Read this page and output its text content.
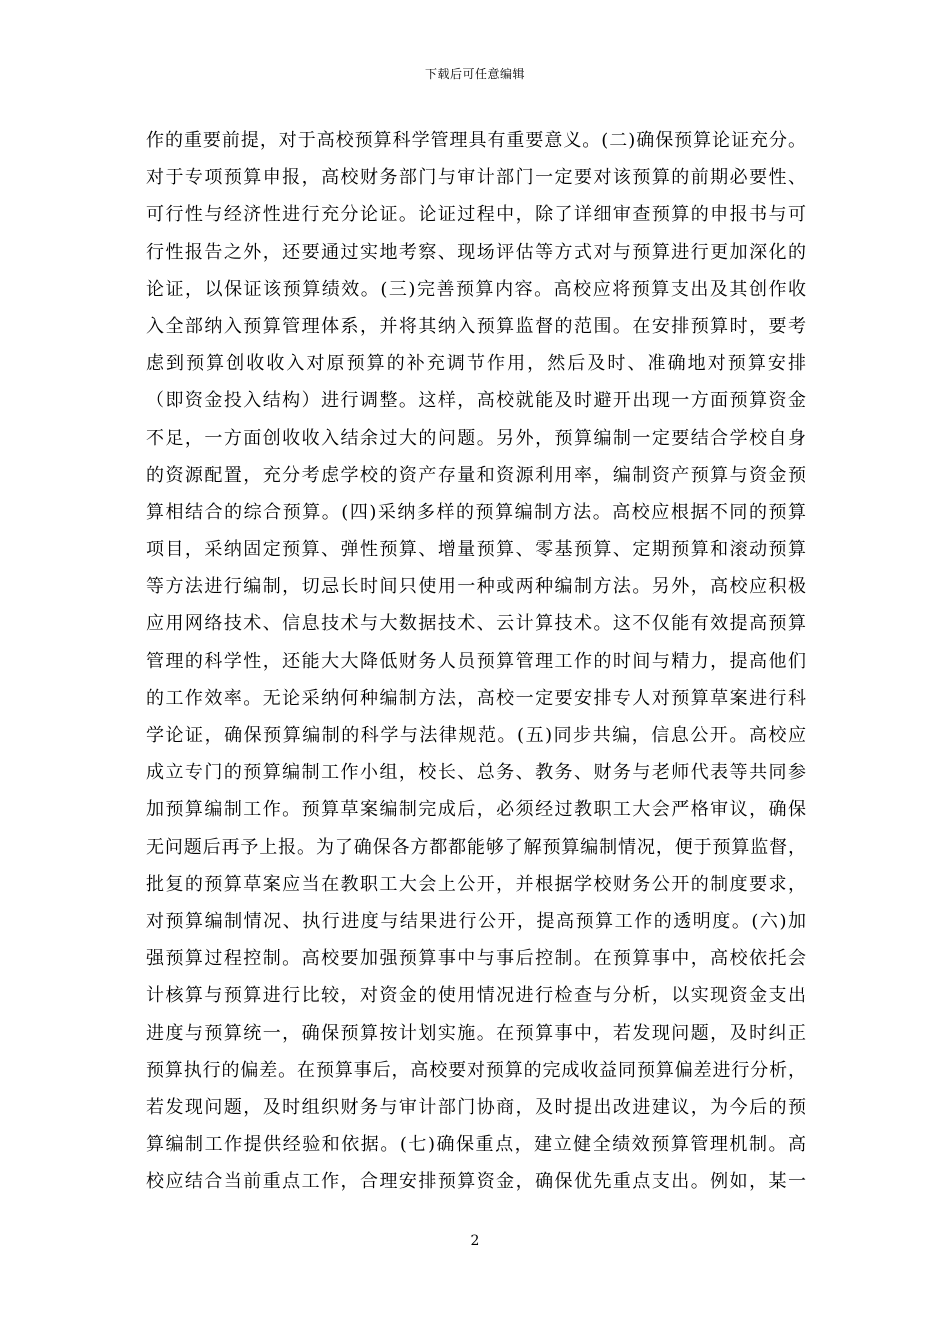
下载后可任意编辑
作的重要前提，对于高校预算科学管理具有重要意义。(二)确保预算论证充分。
对于专项预算申报，高校财务部门与审计部门一定要对该预算的前期必要性、
可行性与经济性进行充分论证。论证过程中，除了详细审查预算的申报书与可
行性报告之外，还要通过实地考察、现场评估等方式对与预算进行更加深化的
论证，以保证该预算绩效。(三)完善预算内容。高校应将预算支出及其创作收
入全部纳入预算管理体系，并将其纳入预算监督的范围。在安排预算时，要考
虑到预算创收收入对原预算的补充调节作用，然后及时、准确地对预算安排
（即资金投入结构）进行调整。这样，高校就能及时避开出现一方面预算资金
不足，一方面创收收入结余过大的问题。另外，预算编制一定要结合学校自身
的资源配置，充分考虑学校的资产存量和资源利用率，编制资产预算与资金预
算相结合的综合预算。(四)采纳多样的预算编制方法。高校应根据不同的预算
项目，采纳固定预算、弹性预算、增量预算、零基预算、定期预算和滚动预算
等方法进行编制，切忌长时间只使用一种或两种编制方法。另外，高校应积极
应用网络技术、信息技术与大数据技术、云计算技术。这不仅能有效提高预算
管理的科学性，还能大大降低财务人员预算管理工作的时间与精力，提高他们
的工作效率。无论采纳何种编制方法，高校一定要安排专人对预算草案进行科
学论证，确保预算编制的科学与法律规范。(五)同步共编，信息公开。高校应
成立专门的预算编制工作小组，校长、总务、教务、财务与老师代表等共同参
加预算编制工作。预算草案编制完成后，必须经过教职工大会严格审议，确保
无问题后再予上报。为了确保各方都都能够了解预算编制情况，便于预算监督，
批复的预算草案应当在教职工大会上公开，并根据学校财务公开的制度要求，
对预算编制情况、执行进度与结果进行公开，提高预算工作的透明度。(六)加
强预算过程控制。高校要加强预算事中与事后控制。在预算事中，高校依托会
计核算与预算进行比较，对资金的使用情况进行检查与分析，以实现资金支出
进度与预算统一，确保预算按计划实施。在预算事中，若发现问题，及时纠正
预算执行的偏差。在预算事后，高校要对预算的完成收益同预算偏差进行分析，
若发现问题，及时组织财务与审计部门协商，及时提出改进建议，为今后的预
算编制工作提供经验和依据。(七)确保重点，建立健全绩效预算管理机制。高
校应结合当前重点工作，合理安排预算资金，确保优先重点支出。例如，某一
2
